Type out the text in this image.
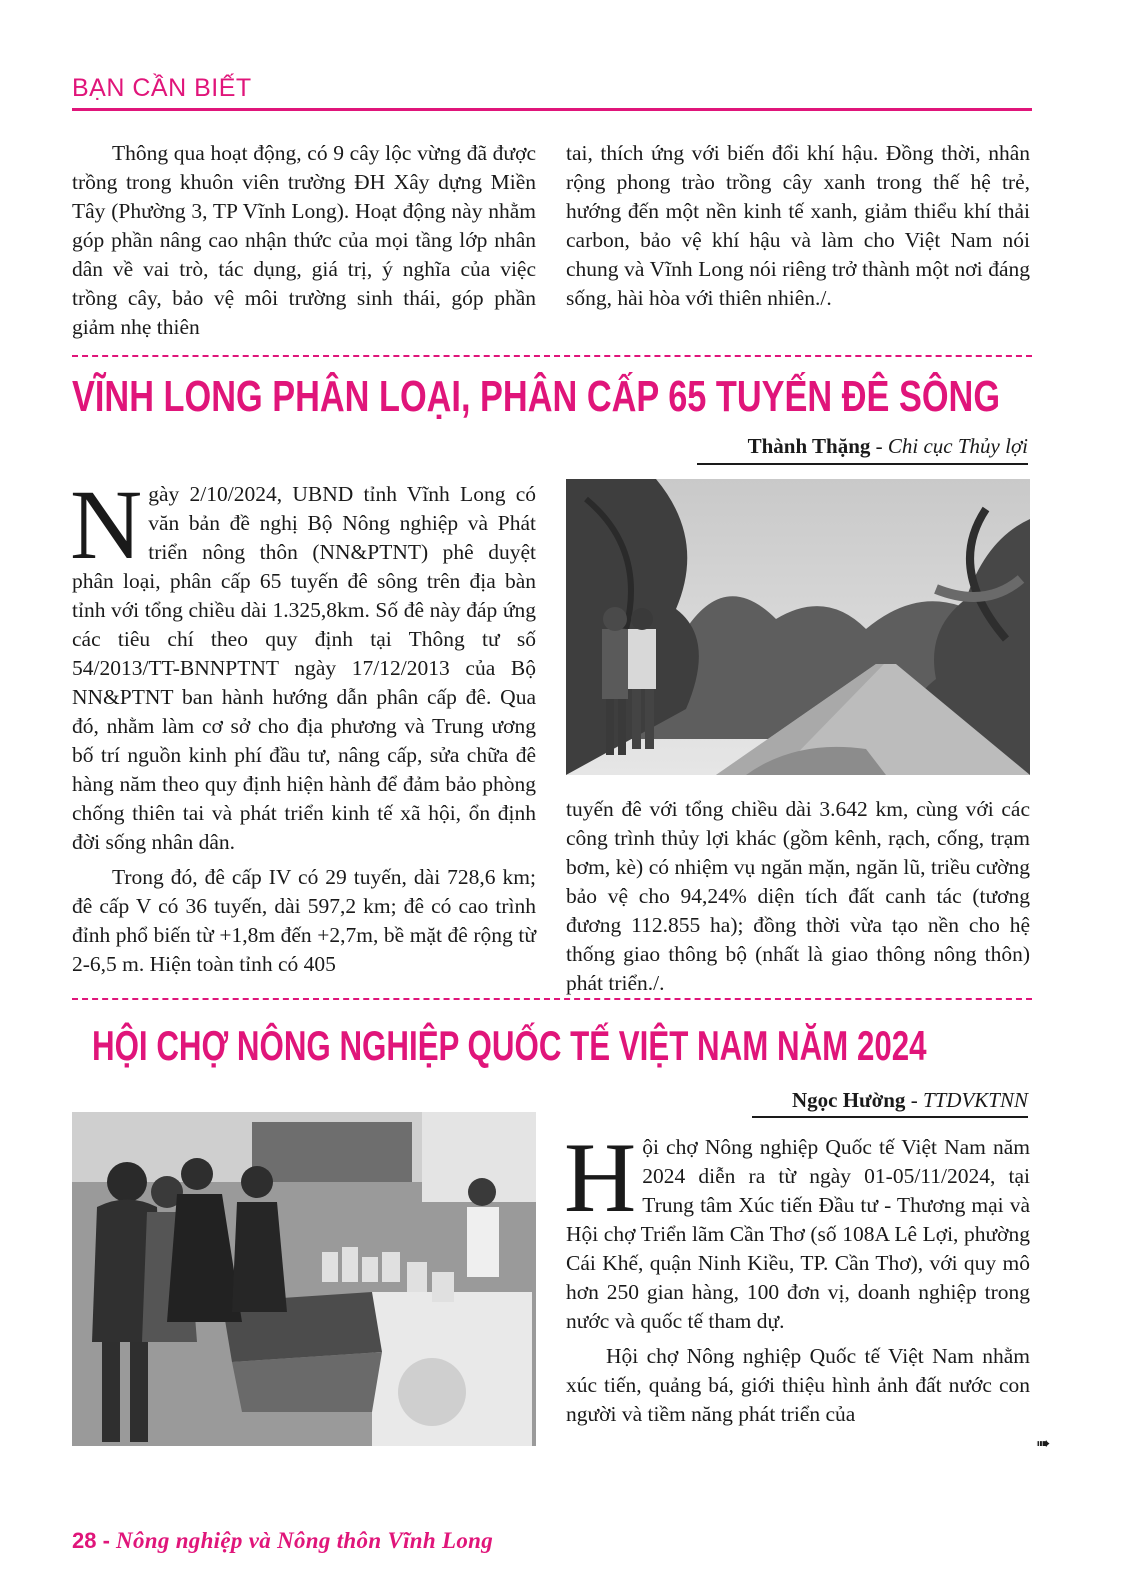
BẠN CẦN BIẾT

Thông qua hoạt động, có 9 cây lộc vừng đã được trồng trong khuôn viên trường ĐH Xây dựng Miền Tây (Phường 3, TP Vĩnh Long). Hoạt động này nhằm góp phần nâng cao nhận thức của mọi tầng lớp nhân dân về vai trò, tác dụng, giá trị, ý nghĩa của việc trồng cây, bảo vệ môi trường sinh thái, góp phần giảm nhẹ thiên

tai, thích ứng với biến đổi khí hậu. Đồng thời, nhân rộng phong trào trồng cây xanh trong thế hệ trẻ, hướng đến một nền kinh tế xanh, giảm thiểu khí thải carbon, bảo vệ khí hậu và làm cho Việt Nam nói chung và Vĩnh Long nói riêng trở thành một nơi đáng sống, hài hòa với thiên nhiên./.

VĨNH LONG PHÂN LOẠI, PHÂN CẤP 65 TUYẾN ĐÊ SÔNG
Thành Thặng - Chi cục Thủy lợi

Ngày 2/10/2024, UBND tỉnh Vĩnh Long có văn bản đề nghị Bộ Nông nghiệp và Phát triển nông thôn (NN&PTNT) phê duyệt phân loại, phân cấp 65 tuyến đê sông trên địa bàn tỉnh với tổng chiều dài 1.325,8km. Số đê này đáp ứng các tiêu chí theo quy định tại Thông tư số 54/2013/TT-BNNPTNT ngày 17/12/2013 của Bộ NN&PTNT ban hành hướng dẫn phân cấp đê. Qua đó, nhằm làm cơ sở cho địa phương và Trung ương bố trí nguồn kinh phí đầu tư, nâng cấp, sửa chữa đê hàng năm theo quy định hiện hành để đảm bảo phòng chống thiên tai và phát triển kinh tế xã hội, ổn định đời sống nhân dân.

Trong đó, đê cấp IV có 29 tuyến, dài 728,6 km; đê cấp V có 36 tuyến, dài 597,2 km; đê có cao trình đỉnh phổ biến từ +1,8m đến +2,7m, bề mặt đê rộng từ 2-6,5 m. Hiện toàn tỉnh có 405

tuyến đê với tổng chiều dài 3.642 km, cùng với các công trình thủy lợi khác (gồm kênh, rạch, cống, trạm bơm, kè) có nhiệm vụ ngăn mặn, ngăn lũ, triều cường bảo vệ cho 94,24% diện tích đất canh tác (tương đương 112.855 ha); đồng thời vừa tạo nền cho hệ thống giao thông bộ (nhất là giao thông nông thôn) phát triển./.

HỘI CHỢ NÔNG NGHIỆP QUỐC TẾ VIỆT NAM NĂM 2024
Ngọc Hường - TTDVKTNN

Hội chợ Nông nghiệp Quốc tế Việt Nam năm 2024 diễn ra từ ngày 01-05/11/2024, tại Trung tâm Xúc tiến Đầu tư - Thương mại và Hội chợ Triển lãm Cần Thơ (số 108A Lê Lợi, phường Cái Khế, quận Ninh Kiều, TP. Cần Thơ), với quy mô hơn 250 gian hàng, 100 đơn vị, doanh nghiệp trong nước và quốc tế tham dự.

Hội chợ Nông nghiệp Quốc tế Việt Nam nhằm xúc tiến, quảng bá, giới thiệu hình ảnh đất nước con người và tiềm năng phát triển của

➠
28 - Nông nghiệp và Nông thôn Vĩnh Long
